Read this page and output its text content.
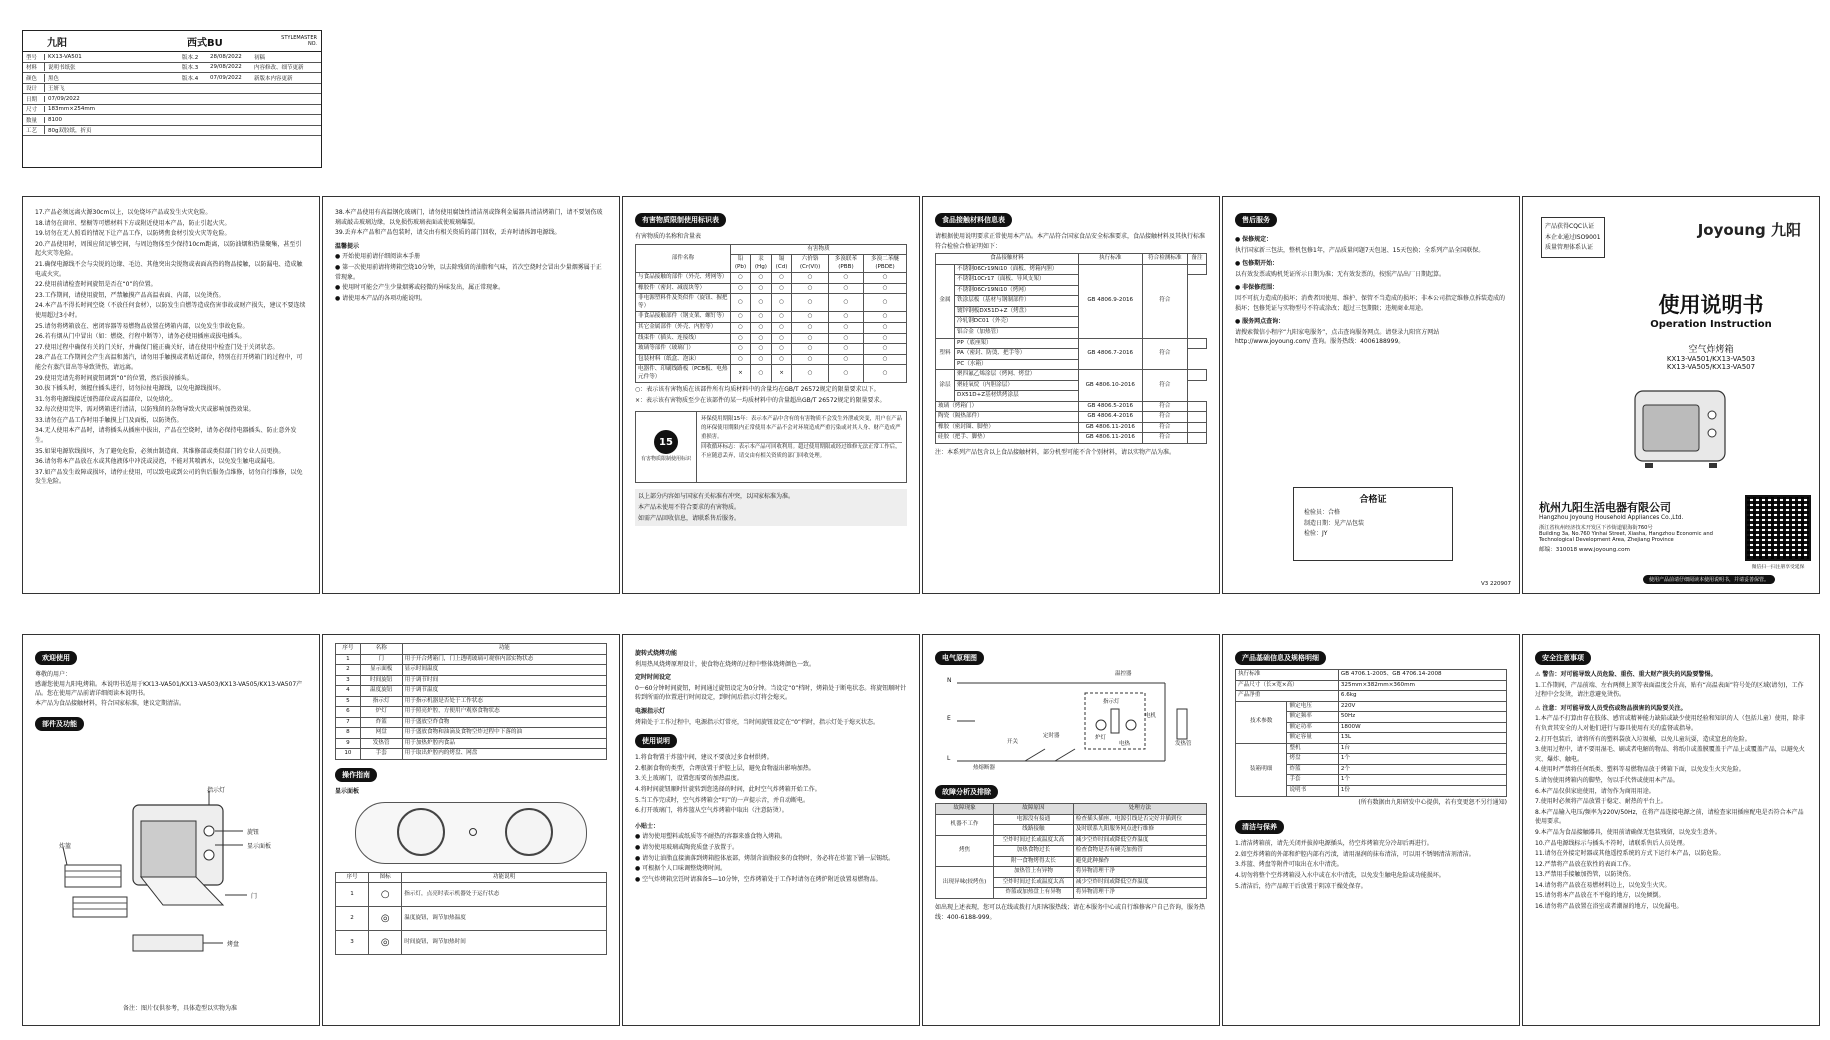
九阳	西式BU	STYLEMASTER NO.
型号	KX13-VA501	版本.2	28/08/2022	初稿
材料	说明书纸张	版本.3	29/08/2022	内容修改、细节更新
颜色	黑色	版本.4	07/09/2022	新版本内容更新
设计	王妍飞
日期	07/09/2022
尺寸	183mm×254mm
数量	8100
工艺	80g双胶纸，折页
17.产品必须远离火源30cm以上，以免烧坏产品或发生火灾危险。
18.请勿在窗帘、壁橱等可燃材料下方或附近使用本产品，防止引起火灾。
19.切勿在无人照看的情况下让产品工作，以防烤焦食材引发火灾等危险。
20.产品使用时，周围应留足够空间，与周边物体至少保持10cm距离，以防油烟和热量聚集，甚至引起火灾等危险。
21.确保电源线不会与尖锐的边缘、毛边、其他突出尖锐物或表面高热的物品接触，以防漏电、造成触电或火灾。
22.使用前请检查时间旋钮是否在“0”的位置。
23.工作期间，请使用旋钮，严禁触摸产品高温表面、内部，以免烫伤。
24.本产品不得长时间空烧（不放任何食材），以防发生自燃等造成伤害事故或财产损失，建议不要连续使用超过3小时。
25.请勿将烤箱放在、密闭容器等易燃物品放置在烤箱内部，以免发生事故危险。
26.若有烟从门中冒出（如：燃烧、行程中断等），请务必使用插座或拔电插头。
27.使用过程中确保有关的门关好，并确保门能正确关好，请在使用中检查门处于关闭状态。
28.产品在工作期间会产生高温和蒸汽，请勿用手触摸或者贴近部位，特别在打开烤箱门的过程中，可能会有蒸汽冒出等导致烫伤，请远离。
29.使用完请先将时间旋钮调到“0”的位置，然后拔掉插头。
30.拔下插头时，须握住插头进行，切勿拉扯电源线，以免电源线损坏。
31.勿将电源线接近加热部位或高温部位，以免熔化。
32.每次使用完毕，需对烤箱进行清洁，以防残留的杂物导致火灾或影响加热效果。
33.请勿在产品工作时用手触摸上门及面板，以防烫伤。
34.无人使用本产品时，请将插头从插座中拔出，产品在空烧时，请务必保持电器插头、防止意外发生。
35.如果电源软线损坏，为了避免危险，必须由制造商、其维修部或类似部门的专业人员更换。
36.请勿将本产品放在水或其他液体中冲洗或浸泡，不能对其喷洒水，以免发生触电或漏电。
37.如产品发生故障或损坏，请停止使用，可以致电或到公司的售后服务点维修，切勿自行维修，以免发生危险。
38.本产品使用有高温钢化玻璃门，请勿使用腐蚀性清洁剂或锋利金属器具清洁烤箱门，请不要划伤玻璃或敲击玻璃边缘，以免损伤玻璃表面或使玻璃爆裂。
39.丢弃本产品和产品包装时，请交由有相关资质的部门回收，丢弃时请拆卸电源线。
温馨提示
● 开始使用前请仔细阅读本手册
● 第一次使用前请将烤箱空烧10分钟，以去除残留的油脂和气味，首次空烧时会冒出少量烟雾属于正常现象。
● 使用时可能会产生少量烟雾或轻微的异味发出，属正常现象。
● 请使用本产品的各项功能说明。
有害物质限制使用标识表
有害物质的名称和含量表
部件名称	有害物质					
	铅(Pb)	汞(Hg)	镉(Cd)	六价铬(Cr(VI))	多溴联苯(PBB)	多溴二苯醚(PBDE)
与食品接触的部件（外壳、烤网等）	○	○	○	○	○	○
橡胶件（密封、减震块等）	○	○	○	○	○	○
非电源塑料件及类似件（旋钮、握把等）	○	○	○	○	○	○
非食品接触部件（钢支架、螺钉等）	○	○	○	○	○	○
其它金属部件（外壳、内腔等）	○	○	○	○	○	○
线束件（插头、连接线）	○	○	○	○	○	○
玻璃等部件（玻璃门）	○	○	○	○	○	○
包装材料（纸盒、泡沫）	○	○	○	○	○	○
电器件、印刷线路板（PCB板、电热元件等）	×	○	×	○	○	○
○：表示该有害物质在该部件所有均质材料中的含量均在GB/T 26572规定的限量要求以下。
×：表示该有害物质至少在该部件的某一均质材料中的含量超出GB/T 26572规定的限量要求。
15
有害物质限制使用标识
环保使用期限15年：表示本产品中含有的有害物质不会发生外泄或突变，用户在产品的环保使用期限内正常使用本产品不会对环境造成严重污染或对其人身、财产造成严重损害。
回收循环标志：表示本产品可回收利用。超过使用期限或经过维修无法正常工作后，不应随意丢弃，请交由有相关资质的部门回收处理。
以上部分内容如与国家有关标准有冲突，以国家标准为准。
本产品未使用不符合要求的有害物质。
如需产品回收信息，请联系售后服务。
食品接触材料信息表
请根据使用说明要求正常使用本产品。本产品符合国家食品安全标准要求，食品接触材料及其执行标准符合检验合格证明如下：
食品接触材料		执行标准	符合检测标准	备注
金属	不锈钢06Cr19Ni10（面板、烤箱内胆）	GB 4806.9-2016	符合	
	不锈钢10Cr17（面板、导风支架）			
	不锈钢06Cr19Ni10（烤网）			
	铁涂层板（基材与钢制部件）			
	镀锌钢板DX51D+Z（烤盘）			
	冷轧钢DC01（外壳）			
	铝合金（加热管）			
塑料	PP（底座架）	GB 4806.7-2016	符合	
	PA（密封、防烫、把手等）			
	PC（水箱）			
涂层	聚四氟乙烯涂层（烤网、烤盘）	GB 4806.10-2016	符合	
	聚硅氧烷（内胆涂层）			
	DX51D+Z基材烘烤涂层			
玻璃（烤箱门）		GB 4806.5-2016	符合	
陶瓷（隔热部件）		GB 4806.4-2016	符合	
橡胶（密封圈、脚垫）		GB 4806.11-2016	符合	
硅胶（把手、脚垫）		GB 4806.11-2016	符合	
注：本系列产品包含以上食品接触材料，部分机型可能不含个别材料，请以实物产品为准。
售后服务
● 保修规定：
执行国家新三包法，整机包修1年，产品质量问题7天包退、15天包换；全系列产品全国联保。
● 包修期开始：
以有效发票或购机凭证所示日期为准；无有效发票的，按照产品出厂日期起算。
● 非保修范围：
因不可抗力造成的损坏；消费者因使用、维护、保管不当造成的损坏；非本公司指定维修点拆装造成的损坏；包修凭证与实物型号不符或涂改；超过三包期限；违规商业用途。
● 服务网点查询：
请搜索微信小程序“九阳家电服务”，点击查询服务网点。请登录九阳官方网站 http://www.joyoung.com/ 查询。服务热线：4006188999。
合格证
检验员：合格
制造日期：见产品包装
检验：JY
V3 220907
产品获得CQC认证
本企业通过ISO9001
质量管理体系认证
Joyoung 九阳
使用说明书
Operation Instruction
空气炸烤箱
KX13-VA501/KX13-VA503
KX13-VA505/KX13-VA507
杭州九阳生活电器有限公司
Hangzhou Joyoung Household Appliances Co.,Ltd.
浙江省杭州经济技术开发区下沙街道银海街760号
Building 3a, No.760 Yinhai Street, Xiasha, Hangzhou Economic and Technological Development Area, Zhejiang Province
邮编：310018 www.joyoung.com
微信扫一扫注册享受延保
使用产品前请仔细阅读本使用说明书，并请妥善保管。
欢迎使用
尊敬的用户：
感谢您使用九阳电烤箱。本说明书适用于KX13-VA501/KX13-VA503/KX13-VA505/KX13-VA507产品。您在使用产品前请详细阅读本说明书。
本产品为食品接触材料，符合国家标准，建议定期清洁。
部件及功能
指示灯
旋钮
显示面板
炸篮
门
烤盘
备注：图片仅供参考，具体造型以实物为准
序号	名称	功能
1	门	用于开合烤箱门，门上透明玻璃可观察内部实物状态
2	显示面板	显示时间温度
3	时间旋钮	用于调节时间
4	温度旋钮	用于调节温度
5	指示灯	用于指示机器是否处于工作状态
6	炉灯	用于照亮炉腔，方便用户观察食物状态
7	炸篮	用于盛放空炸食物
8	网盘	用于盛放食物和油滴及食物空炸过程中下落的油
9	发热管	用于加热炉腔内食品
10	手套	用于取出炉腔内的烤盘、网盘
操作指南
显示面板
序号	图标	功能说明
1	○	指示灯，点亮时表示机器处于运行状态
2	◎	温度旋钮，调节加热温度
3	◎	时间旋钮，调节加热时间
旋转式烧烤功能
利用热风烧烤原理设计，使食物在烧烤的过程中整体烧烤颜色一致。
定时时间设定
0～60分钟时间旋钮，时间通过旋钮设定为0分钟。当设定“0”档时，烤箱处于断电状态。将旋钮顺时针转到所需的位置进行时间设定，到时间后指示灯将会熄灭。
电源指示灯
烤箱处于工作过程中，电源指示灯常亮，当时间旋钮设定在“0”档时，指示灯处于熄灭状态。
使用说明
1.将食物置于炸篮中间，建议不要放过多食材烘烤。
2.根据食物的类型，合理放置于炉腔上层，避免食物溢出影响加热。
3.关上玻璃门，设置您需要的加热温度。
4.将时间旋钮顺时针旋转到您选择的时间，此时空气炸烤箱开始工作。
5.当工作完成时，空气炸烤箱会“叮”的一声提示音，并自动断电。
6.打开玻璃门，将炸篮从空气炸烤箱中取出（注意防烫）。
小贴士：
● 请勿使用塑料或纸质等不耐热的容器来盛食物入烤箱。
● 请勿使用玻璃或陶瓷质盘子放置于。
● 请勿让油脂直接滴落到烤箱腔体底部，烤制含油脂较多的食物时，务必将在炸篮下铺一层锡纸。
● 可根据个人口味调整烧烤时间。
● 空气炸烤箱烹饪时请准备5—10分钟，空炸烤箱处于工作时请勿在烤炉附近放置易燃物品。
电气原理图
N
E
L
温控器
热熔断器
开关
定时器
指示灯
炉灯
电热	发热管
电机
故障分析及排除
故障现象	故障原因	处理方法
机器不工作	电源没有接通	检查插头插座，电源引线是否完好并插到位
	线路接触	及时联系九阳服务网点进行维修
烤焦	空炸时间过长或温度太高	减少空炸时间或降低空炸温度
	加热食物过长	检查食物是否有硬壳加热管
	附一食物烤得太长	避免此种操作
出现异味(较烤鱼)	加热管上有异物	将异物清理干净
	空炸时间过长或温度太高	减少空炸时间或降低空炸温度
	炸篮或加热盘上有异物	将异物清理干净
如出现上述表现，您可以在线或拨打九阳客服热线；请在本服务中心或自行维修客户自己咨询，服务热线：400-6188-999。
产品基础信息及规格明细
执行标准		GB 4706.1-2005、GB 4706.14-2008
产品尺寸（长×宽×高）		325mm×382mm×360mm
产品净重		6.6kg
技术参数	额定电压	220V
	额定频率	50Hz
	额定功率	1800W
	额定容量	13L
装箱明细	整机	1台
	烤盘	1个
	炸篮	2个
	手套	1个
	说明书	1份
(所有数据由九阳研发中心提供，若有变更恕不另行通知)
清洁与保养
1.清洁烤箱前，请先关闭并拔掉电源插头，待空炸烤箱充分冷却后再进行。
2.如空炸烤箱的外部和炉腔内部有污渍，请用湿润的抹布清洁，可以用不锈钢清洁剂清洁。
3.炸篮、烤盘等附件可取出在水中清洗。
4.切勿将整个空炸烤箱浸入水中或在水中清洗，以免发生触电危险或功能损坏。
5.清洁后，待产品晾干后放置于阴凉干燥处保存。
安全注意事项
⚠ 警告：对可能导致人员危险、重伤、重大财产损失的风险要警惕。
1.工作期间，产品前端、左右两侧上顶等表面温度会升高，贴有“高温表面”符号处的区域(请勿)，工作过程中会发烫，请注意避免烫伤。
⚠ 注意：对可能导致人员受伤或物品损害的风险要关注。
1.本产品不打算由存在肢体、感官或精神能力缺陷或缺少使用经验和知识的人（包括儿童）使用，除非有负责其安全的人对他们进行与器具使用有关的监督或指导。
2.打开包装后，请将所有的塑料袋放入垃圾桶，以免儿童玩耍，造成窒息的危险。
3.使用过程中，请不要用湿毛、刷或者电解的物品、将纸巾或盖膜覆盖于产品上或覆盖产品，以避免火灾、爆炸、触电。
4.使用时严禁将任何纸类、塑料等易燃物品放于烤箱下面，以免发生火灾危险。
5.请勿使用烤箱内的脚垫，勿以手代替或使用本产品。
6.本产品仅供家庭使用，请勿作为商用用途。
7.使用时必须将产品放置于稳定、耐热的平台上。
8.本产品输入电压/频率为220V/50Hz，在将产品连接电源之前，请检查家用插座配电是否符合本产品使用要求。
9.本产品为食品接触器具，使用前请确保无包装残留，以免发生意外。
10.产品电源线标示与插头不符时，请联系售后人员处理。
11.请勿在外接定时器或其他遥控系统的方式下运行本产品，以防危险。
12.严禁将产品放在软性的表面工作。
13.严禁用手接触加热管，以防烫伤。
14.请勿将产品放在易燃材料边上，以免发生火灾。
15.请勿将本产品放在不平稳的地方，以免倾倒。
16.请勿将产品放置在浴室或者潮湿的地方，以免漏电。
